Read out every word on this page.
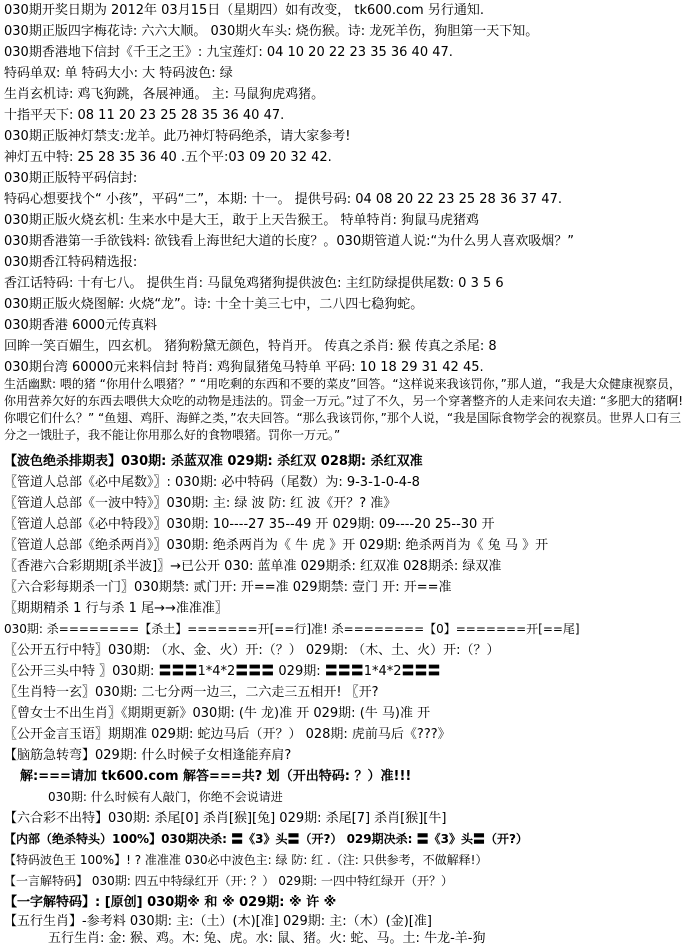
030期开奖日期为 2012年 03月15日（星期四）如有改变， tk600.com 另行通知.
030期正版四字梅花诗: 六六大顺。 030期火车头: 烧伤猴。诗: 龙死羊伤，狗胆第一天下知。
030期香港地下信封《千王之王》: 九宝莲灯: 04 10 20 22 23 35 36 40 47.
特码单双: 单 特码大小: 大 特码波色: 绿
生肖玄机诗: 鸡飞狗跳，各展神通。 主: 马鼠狗虎鸡猪。
十指平天下: 08 11 20 23 25 28 35 36 40 47.
030期正版神灯禁支:龙羊。此乃神灯特码绝杀，请大家参考!
神灯五中特: 25 28 35 36 40 .五个平:03 09 20 32 42.
030期正版特平码信封:
特码心想要找个“ 小孩”，平码“二”，本期: 十一。 提供号码: 04 08 20 22 23 25 28 36 37 47.
030期正版火烧玄机: 生来水中是大王，敢于上天告猴王。 特单特肖: 狗鼠马虎猪鸡
030期香港第一手欲钱料: 欲钱看上海世纪大道的长度？。030期管道人说:“为什么男人喜欢吸烟？”
030期香江特码精选报:
香江话特码: 十有七八。 提供生肖: 马鼠兔鸡猪狗提供波色: 主红防绿提供尾数: 0 3 5 6
030期正版火烧图解: 火烧“龙”。诗: 十全十美三七中，二八四七稳狗蛇。
030期香港 6000元传真料
回眸一笑百媚生，四玄机。 猪狗粉黛无颜色，特肖开。 传真之杀肖: 猴 传真之杀尾: 8
030期台湾 60000元来料信封 特肖: 鸡狗鼠猪兔马特单 平码: 10 18 29 31 42 45.
生活幽默: 喂的猪 “你用什么喂猪？” “用吃剩的东西和不要的菜皮”回答。“这样说来我该罚你，”那人道，“我是大众健康视察员，你用营养欠好的东西去喂供大众吃的动物是违法的。罚金一万元。”过了不久，另一个穿著整齐的人走来问农夫道: “多肥大的猪啊! 你喂它们什么？” “鱼翅、鸡肝、海鲜之类，”农夫回答。“那么我该罚你，”那个人说，“我是国际食物学会的视察员。世界人口有三分之一饿肚子，我不能让你用那么好的食物喂猪。罚你一万元。”
【波色绝杀排期表】030期: 杀蓝双准 029期: 杀红双 028期: 杀红双准
〖管道人总部《必中尾数》〗: 030期: 必中特码（尾数）为: 9-3-1-0-4-8
〖管道人总部《一波中特》〗030期: 主: 绿 波 防: 红 波《开？? 准》
〖管道人总部《必中特段》〗030期: 10----27 35--49 开 029期: 09----20 25--30 开
〖管道人总部《绝杀两肖》〗030期: 绝杀两肖为《 牛 虎 》开 029期: 绝杀两肖为《 兔 马 》开
〖香港六合彩期期[杀半波]〗→已公开 030: 蓝单准 029期杀: 红双准 028期杀: 绿双准
〖六合彩每期杀一门〗030期禁: 贰门开: 开==准 029期禁: 壹门 开: 开==准
〖期期精杀 1 行与杀 1 尾→→准准准〗
030期: 杀========【杀土】=======开[==行]准! 杀========【0】=======开[==尾]
〖公开五行中特〗030期: （水、金、火）开:（？） 029期: （木、土、火）开:（？）
〖公开三头中特 〗030期: 〓〓〓1*4*2〓〓〓 029期: 〓〓〓1*4*2〓〓〓
〖生肖特一玄〗030期: 二七分两一边三，二六走三五相开! 〖开?
〖曾女士不出生肖〗《期期更新》030期: (牛 龙)准 开 029期: (牛 马)准 开
〖公开金言玉语〗期期准 029期: 蛇边马后（开？） 028期: 虎前马后《???》
【脑筋急转弯】029期: 什么时候子女相逢能弃肩?
解:===请加 tk600.com 解答===共? 划（开出特码: ？）准!!!
030期: 什么时候有人敲门，你绝不会说请进
【六合彩不出特】030期: 杀尾[0] 杀肖[猴][兔] 029期: 杀尾[7] 杀肖[猴][牛]
【内部（绝杀特头）100%】030期决杀: 〓《3》头〓（开?） 029期决杀: 〓《3》头〓（开?）
【特码波色王 100%】! ? 准准准 030必中波色主: 绿 防: 红 .（注: 只供参考，不做解释!）
【一言解特码】 030期: 四五中特绿红开（开: ？） 029期: 一四中特红绿开（开？）
【一字解特码】: [原创] 030期※ 和 ※ 029期: ※ 许 ※
【五行生肖】-参考料 030期: 主:（土）(木)[准] 029期: 主:（木）(金)[准]
五行生肖: 金: 猴、鸡。木: 兔、虎。水: 鼠、猪。火: 蛇、马。土: 牛龙-羊-狗
